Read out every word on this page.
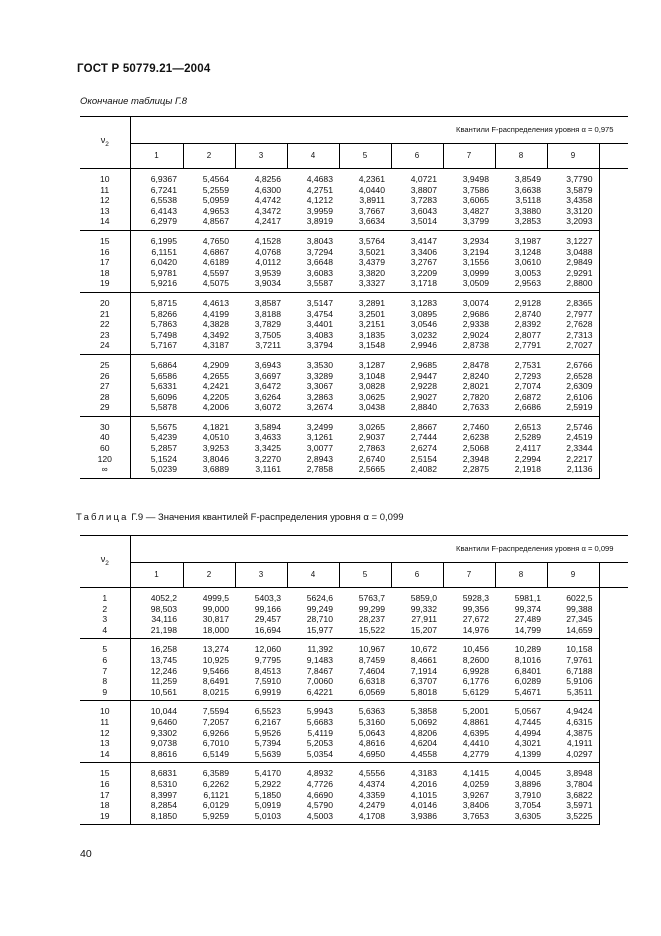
ГОСТ Р 50779.21—2004
Окончание таблицы Г.8
$\nu_2$	Квантили F-распределения уровня α = 0,975									
	1	2	3	4	5	6	7	8	9	
10	6,9367	5,4564	4,8256	4,4683	4,2361	4,0721	3,9498	3,8549	3,7790	
11	6,7241	5,2559	4,6300	4,2751	4,0440	3,8807	3,7586	3,6638	3,5879	
12	6,5538	5,0959	4,4742	4,1212	3,8911	3,7283	3,6065	3,5118	3,4358	
13	6,4143	4,9653	4,3472	3,9959	3,7667	3,6043	3,4827	3,3880	3,3120	
14	6,2979	4,8567	4,2417	3,8919	3,6634	3,5014	3,3799	3,2853	3,2093	
15	6,1995	4,7650	4,1528	3,8043	3,5764	3,4147	3,2934	3,1987	3,1227	
16	6,1151	4,6867	4,0768	3,7294	3,5021	3,3406	3,2194	3,1248	3,0488	
17	6,0420	4,6189	4,0112	3,6648	3,4379	3,2767	3,1556	3,0610	2,9849	
18	5,9781	4,5597	3,9539	3,6083	3,3820	3,2209	3,0999	3,0053	2,9291	
19	5,9216	4,5075	3,9034	3,5587	3,3327	3,1718	3,0509	2,9563	2,8800	
20	5,8715	4,4613	3,8587	3,5147	3,2891	3,1283	3,0074	2,9128	2,8365	
21	5,8266	4,4199	3,8188	3,4754	3,2501	3,0895	2,9686	2,8740	2,7977	
22	5,7863	4,3828	3,7829	3,4401	3,2151	3,0546	2,9338	2,8392	2,7628	
23	5,7498	4,3492	3,7505	3,4083	3,1835	3,0232	2,9024	2,8077	2,7313	
24	5,7167	4,3187	3,7211	3,3794	3,1548	2,9946	2,8738	2,7791	2,7027	
25	5,6864	4,2909	3,6943	3,3530	3,1287	2,9685	2,8478	2,7531	2,6766	
26	5,6586	4,2655	3,6697	3,3289	3,1048	2,9447	2,8240	2,7293	2,6528	
27	5,6331	4,2421	3,6472	3,3067	3,0828	2,9228	2,8021	2,7074	2,6309	
28	5,6096	4,2205	3,6264	3,2863	3,0625	2,9027	2,7820	2,6872	2,6106	
29	5,5878	4,2006	3,6072	3,2674	3,0438	2,8840	2,7633	2,6686	2,5919	
30	5,5675	4,1821	3,5894	3,2499	3,0265	2,8667	2,7460	2,6513	2,5746	
40	5,4239	4,0510	3,4633	3,1261	2,9037	2,7444	2,6238	2,5289	2,4519	
60	5,2857	3,9253	3,3425	3,0077	2,7863	2,6274	2,5068	2,4117	2,3344	
120	5,1524	3,8046	3,2270	2,8943	2,6740	2,5154	2,3948	2,2994	2,2217	
∞	5,0239	3,6889	3,1161	2,7858	2,5665	2,4082	2,2875	2,1918	2,1136	
Таблица Г.9 — Значения квантилей F-распределения уровня α = 0,099
$\nu_2$	Квантили F-распределения уровня α = 0,099									
	1	2	3	4	5	6	7	8	9	
1	4052,2	4999,5	5403,3	5624,6	5763,7	5859,0	5928,3	5981,1	6022,5	
2	98,503	99,000	99,166	99,249	99,299	99,332	99,356	99,374	99,388	
3	34,116	30,817	29,457	28,710	28,237	27,911	27,672	27,489	27,345	
4	21,198	18,000	16,694	15,977	15,522	15,207	14,976	14,799	14,659	
5	16,258	13,274	12,060	11,392	10,967	10,672	10,456	10,289	10,158	
6	13,745	10,925	9,7795	9,1483	8,7459	8,4661	8,2600	8,1016	7,9761	
7	12,246	9,5466	8,4513	7,8467	7,4604	7,1914	6,9928	6,8401	6,7188	
8	11,259	8,6491	7,5910	7,0060	6,6318	6,3707	6,1776	6,0289	5,9106	
9	10,561	8,0215	6,9919	6,4221	6,0569	5,8018	5,6129	5,4671	5,3511	
10	10,044	7,5594	6,5523	5,9943	5,6363	5,3858	5,2001	5,0567	4,9424	
11	9,6460	7,2057	6,2167	5,6683	5,3160	5,0692	4,8861	4,7445	4,6315	
12	9,3302	6,9266	5,9526	5,4119	5,0643	4,8206	4,6395	4,4994	4,3875	
13	9,0738	6,7010	5,7394	5,2053	4,8616	4,6204	4,4410	4,3021	4,1911	
14	8,8616	6,5149	5,5639	5,0354	4,6950	4,4558	4,2779	4,1399	4,0297	
15	8,6831	6,3589	5,4170	4,8932	4,5556	4,3183	4,1415	4,0045	3,8948	
16	8,5310	6,2262	5,2922	4,7726	4,4374	4,2016	4,0259	3,8896	3,7804	
17	8,3997	6,1121	5,1850	4,6690	4,3359	4,1015	3,9267	3,7910	3,6822	
18	8,2854	6,0129	5,0919	4,5790	4,2479	4,0146	3,8406	3,7054	3,5971	
19	8,1850	5,9259	5,0103	4,5003	4,1708	3,9386	3,7653	3,6305	3,5225	
40
